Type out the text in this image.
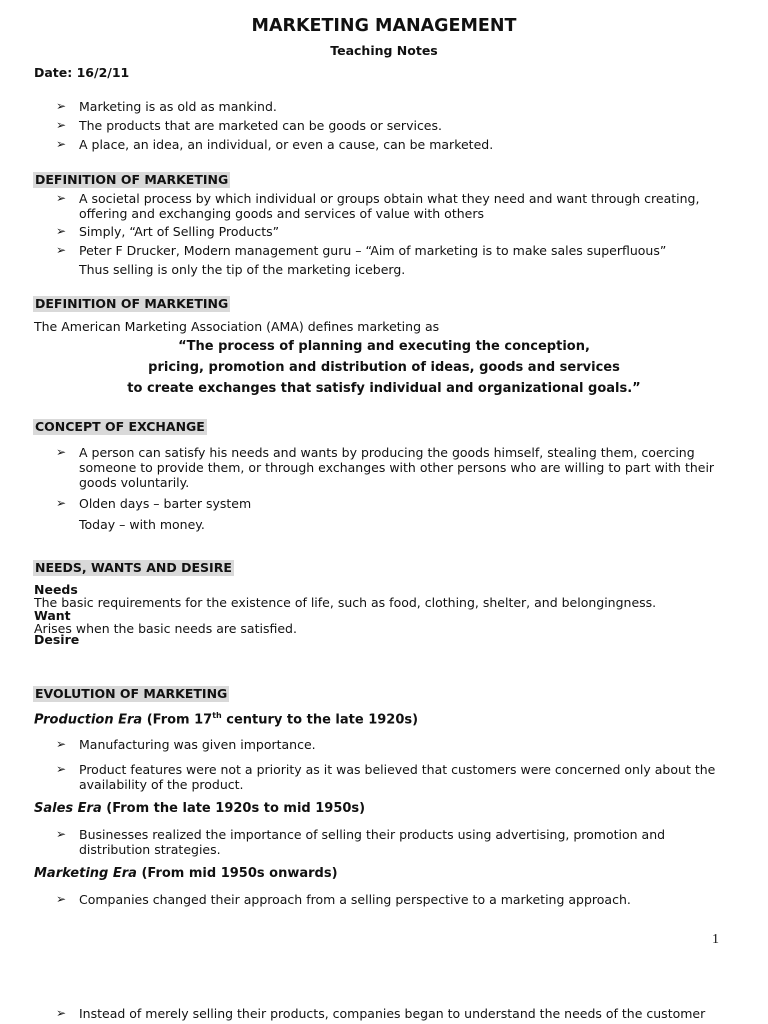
MARKETING MANAGEMENT
Teaching Notes
Date: 16/2/11
➢ Marketing is as old as mankind.
➢ The products that are marketed can be goods or services.
➢ A place, an idea, an individual, or even a cause, can be marketed.
DEFINITION OF MARKETING
➢ A societal process by which individual or groups obtain what they need and want through creating, offering and exchanging goods and services of value with others
➢ Simply, “Art of Selling Products”
➢ Peter F Drucker, Modern management guru – “Aim of marketing is to make sales superfluous”
Thus selling is only the tip of the marketing iceberg.
DEFINITION OF MARKETING
The American Marketing Association (AMA) defines marketing as
“The process of planning and executing the conception,
pricing, promotion and distribution of ideas, goods and services
to create exchanges that satisfy individual and organizational goals.”
CONCEPT OF EXCHANGE
➢ A person can satisfy his needs and wants by producing the goods himself, stealing them, coercing someone to provide them, or through exchanges with other persons who are willing to part with their goods voluntarily.
➢ Olden days – barter system
Today – with money.
NEEDS, WANTS AND DESIRE
Needs
The basic requirements for the existence of life, such as food, clothing, shelter, and belongingness.
Want
Arises when the basic needs are satisfied.
Desire
EVOLUTION OF MARKETING
Production Era (From 17th century to the late 1920s)
➢ Manufacturing was given importance.
➢ Product features were not a priority as it was believed that customers were concerned only about the availability of the product.
Sales Era (From the late 1920s to mid 1950s)
➢ Businesses realized the importance of selling their products using advertising, promotion and distribution strategies.
Marketing Era (From mid 1950s onwards)
➢ Companies changed their approach from a selling perspective to a marketing approach.
1
➢ Instead of merely selling their products, companies began to understand the needs of the customer
